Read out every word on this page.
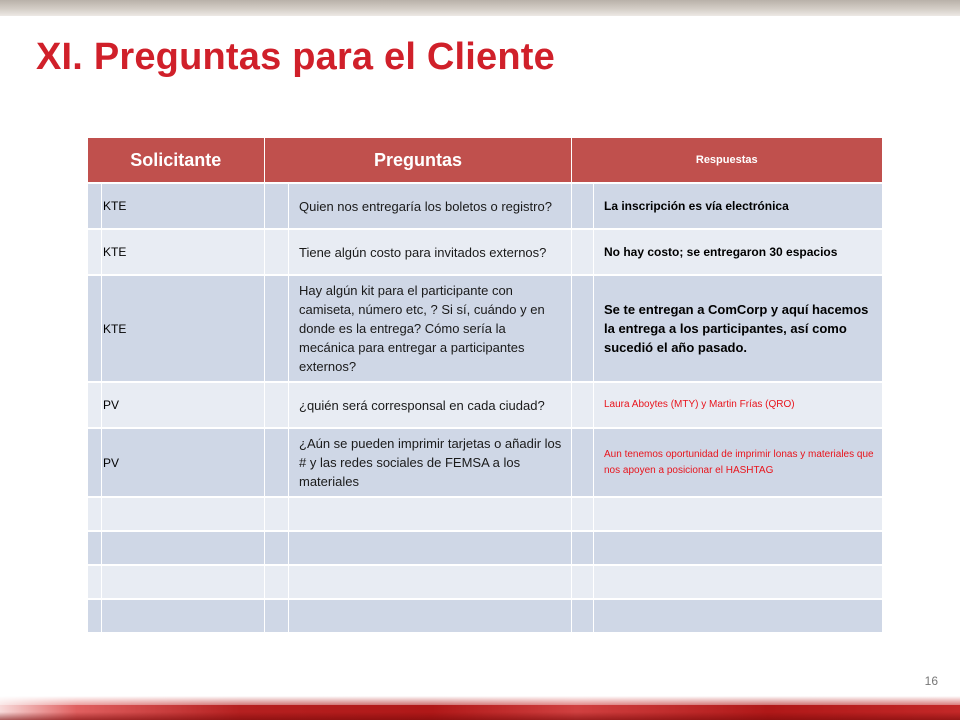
XI. Preguntas para el Cliente
Solicitante		Preguntas		Respuestas	
	KTE		Quien nos entregaría los boletos o registro?		La inscripción es vía electrónica
	KTE		Tiene algún costo para invitados externos?		No hay costo; se entregaron 30 espacios
	KTE		Hay algún kit para el participante con camiseta, número etc, ? Si sí, cuándo y en donde es la entrega? Cómo sería la mecánica para entregar a participantes externos?		Se te entregan a ComCorp y aquí hacemos la entrega a los participantes, así como sucedió el año pasado.
	PV		¿quién será corresponsal en cada ciudad?		Laura Aboytes (MTY) y Martin Frías (QRO)
	PV		¿Aún se pueden imprimir tarjetas o añadir los # y las redes sociales de FEMSA a los materiales		Aun tenemos oportunidad de imprimir lonas y materiales que nos apoyen a posicionar el HASHTAG

16
